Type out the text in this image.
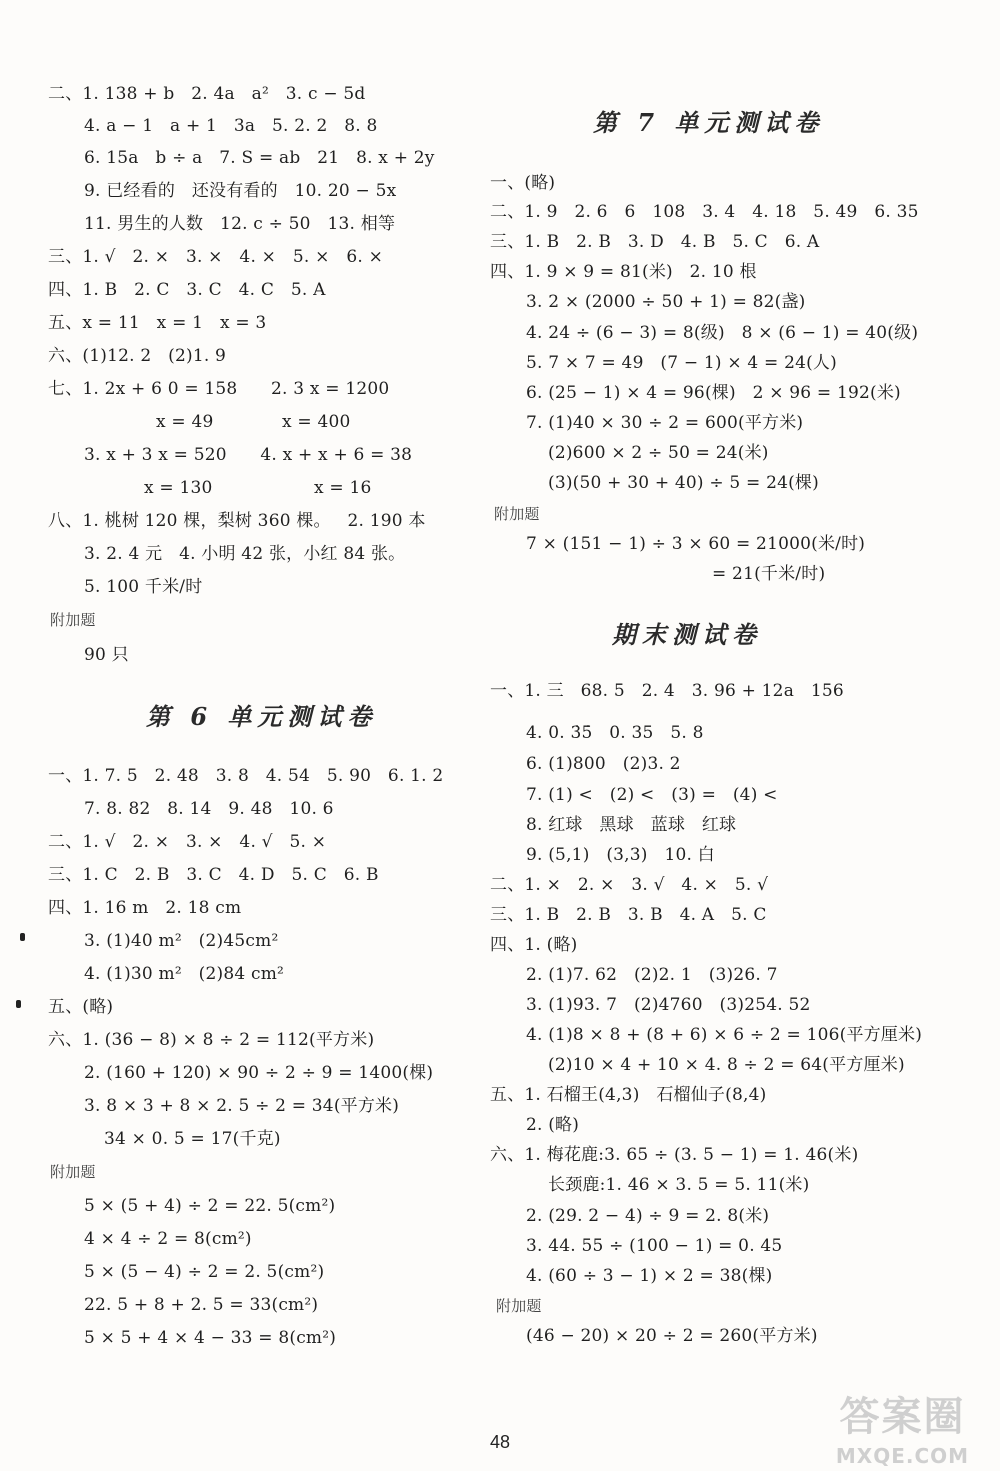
二、1. 138 + b   2. 4a   a²   3. c − 5d
4. a − 1   a + 1   3a   5. 2. 2   8. 8
6. 15a   b ÷ a   7. S = ab   21   8. x + 2y
9. 已经看的   还没有看的   10. 20 − 5x
11. 男生的人数   12. c ÷ 50   13. 相等
三、1. √   2. ×   3. ×   4. ×   5. ×   6. ×
四、1. B   2. C   3. C   4. C   5. A
五、x = 11   x = 1   x = 3
六、(1)12. 2   (2)1. 9
七、1. 2x + 6 0 = 158      2. 3 x = 1200
x = 49	x = 400
3. x + 3 x = 520      4. x + x + 6 = 38
x = 130	x = 16
八、1. 桃树 120 棵，梨树 360 棵。   2. 190 本
3. 2. 4 元   4. 小明 42 张，小红 84 张。
5. 100 千米/时
附加题
90 只
第 6 单元测试卷
一、1. 7. 5   2. 48   3. 8   4. 54   5. 90   6. 1. 2
7. 8. 82   8. 14   9. 48   10. 6
二、1. √   2. ×   3. ×   4. √   5. ×
三、1. C   2. B   3. C   4. D   5. C   6. B
四、1. 16 m   2. 18 cm
3. (1)40 m²   (2)45cm²
4. (1)30 m²   (2)84 cm²
五、(略)
六、1. (36 − 8) × 8 ÷ 2 = 112(平方米)
2. (160 + 120) × 90 ÷ 2 ÷ 9 = 1400(棵)
3. 8 × 3 + 8 × 2. 5 ÷ 2 = 34(平方米)
34 × 0. 5 = 17(千克)
附加题
5 × (5 + 4) ÷ 2 = 22. 5(cm²)
4 × 4 ÷ 2 = 8(cm²)
5 × (5 − 4) ÷ 2 = 2. 5(cm²)
22. 5 + 8 + 2. 5 = 33(cm²)
5 × 5 + 4 × 4 − 33 = 8(cm²)
第 7 单元测试卷
一、(略)
二、1. 9   2. 6   6   108   3. 4   4. 18   5. 49   6. 35
三、1. B   2. B   3. D   4. B   5. C   6. A
四、1. 9 × 9 = 81(米)   2. 10 根
3. 2 × (2000 ÷ 50 + 1) = 82(盏)
4. 24 ÷ (6 − 3) = 8(级)   8 × (6 − 1) = 40(级)
5. 7 × 7 = 49   (7 − 1) × 4 = 24(人)
6. (25 − 1) × 4 = 96(棵)   2 × 96 = 192(米)
7. (1)40 × 30 ÷ 2 = 600(平方米)
(2)600 × 2 ÷ 50 = 24(米)
(3)(50 + 30 + 40) ÷ 5 = 24(棵)
附加题
7 × (151 − 1) ÷ 3 × 60 = 21000(米/时)
= 21(千米/时)
期末测试卷
一、1. 三   68. 5   2. 4   3. 96 + 12a   156
4. 0. 3̇5̇   0. 35   5. 8
6. (1)800   (2)3. 2
7. (1) <   (2) <   (3) =   (4) <
8. 红球   黑球   蓝球   红球
9. (5,1)   (3,3)   10. 白
二、1. ×   2. ×   3. √   4. ×   5. √
三、1. B   2. B   3. B   4. A   5. C
四、1. (略)
2. (1)7. 62   (2)2. 1   (3)26. 7
3. (1)93. 7   (2)4760   (3)254. 52
4. (1)8 × 8 + (8 + 6) × 6 ÷ 2 = 106(平方厘米)
(2)10 × 4 + 10 × 4. 8 ÷ 2 = 64(平方厘米)
五、1. 石榴王(4,3)   石榴仙子(8,4)
2. (略)
六、1. 梅花鹿:3. 65 ÷ (3. 5 − 1) = 1. 46(米)
长颈鹿:1. 46 × 3. 5 = 5. 11(米)
2. (29. 2 − 4) ÷ 9 = 2. 8(米)
3. 44. 55 ÷ (100 − 1) = 0. 45
4. (60 ÷ 3 − 1) × 2 = 38(棵)
附加题
(46 − 20) × 20 ÷ 2 = 260(平方米)
48
答案圈
MXQE.COM
